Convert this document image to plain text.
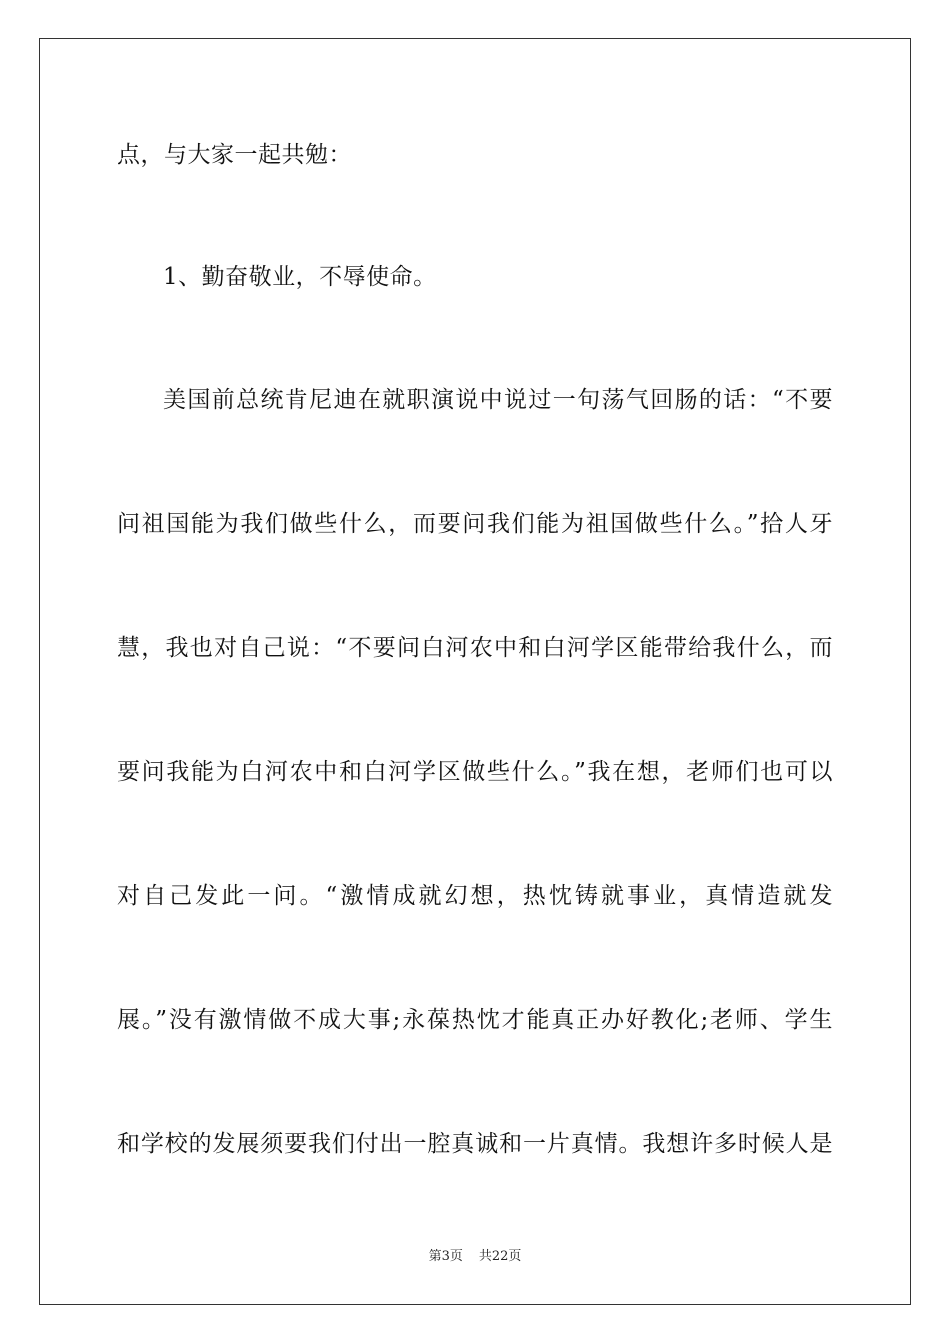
点，与大家一起共勉：
1、勤奋敬业，不辱使命。
美国前总统肯尼迪在就职演说中说过一句荡气回肠的话：“不要
问祖国能为我们做些什么，而要问我们能为祖国做些什么。”拾人牙
慧，我也对自己说：“不要问白河农中和白河学区能带给我什么，而
要问我能为白河农中和白河学区做些什么。”我在想，老师们也可以
对自己发此一问。“激情成就幻想，热忱铸就事业，真情造就发
展。”没有激情做不成大事;永葆热忱才能真正办好教化;老师、学生
和学校的发展须要我们付出一腔真诚和一片真情。我想许多时候人是
第3页 共22页
